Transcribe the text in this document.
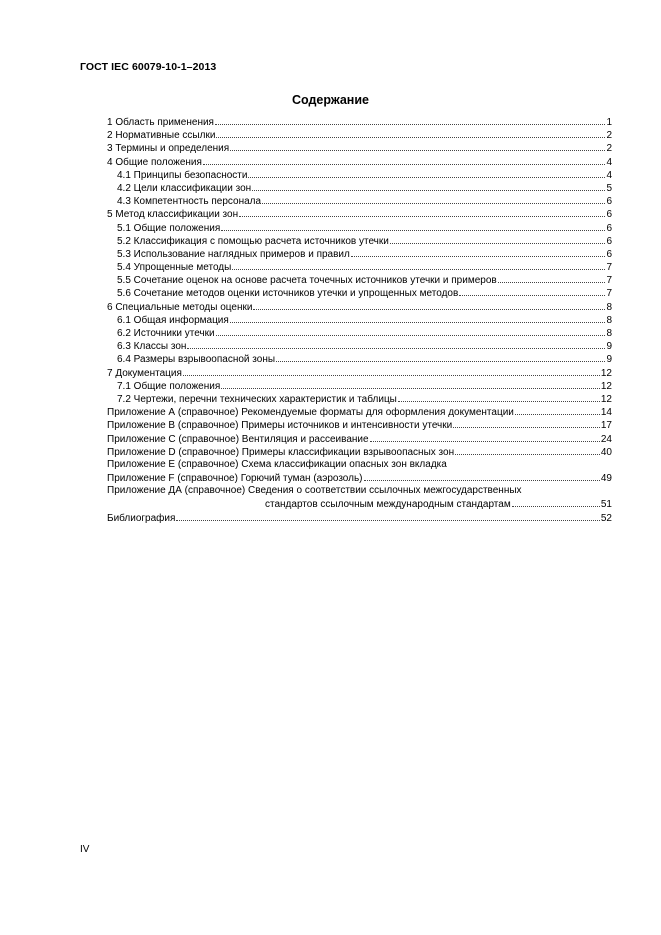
ГОСТ IEC 60079-10-1–2013
Содержание
1 Область применения	1
2 Нормативные ссылки	2
3 Термины и определения	2
4 Общие положения	4
4.1 Принципы безопасности	4
4.2 Цели классификации зон	5
4.3 Компетентность персонала	6
5 Метод классификации зон	6
5.1 Общие положения	6
5.2 Классификация с помощью расчета источников утечки	6
5.3 Использование наглядных примеров и правил	6
5.4 Упрощенные методы	7
5.5 Сочетание оценок на основе расчета точечных источников утечки и примеров	7
5.6 Сочетание методов оценки источников утечки и упрощенных методов	7
6 Специальные методы оценки	8
6.1 Общая информация	8
6.2 Источники утечки	8
6.3 Классы зон	9
6.4 Размеры взрывоопасной зоны	9
7 Документация	12
7.1 Общие положения	12
7.2 Чертежи, перечни технических характеристик и таблицы	12
Приложение А (справочное) Рекомендуемые форматы для оформления документации	14
Приложение В (справочное) Примеры источников и интенсивности утечки	17
Приложение С (справочное) Вентиляция и рассеивание	24
Приложение D (справочное) Примеры классификации взрывоопасных зон	40
Приложение E (справочное) Схема классификации опасных зон вкладка
Приложение F (справочное) Горючий туман (аэрозоль)	49
Приложение ДА (справочное) Сведения о соответствии ссылочных межгосударственных
стандартов ссылочным международным стандартам	51
Библиография	52
IV
